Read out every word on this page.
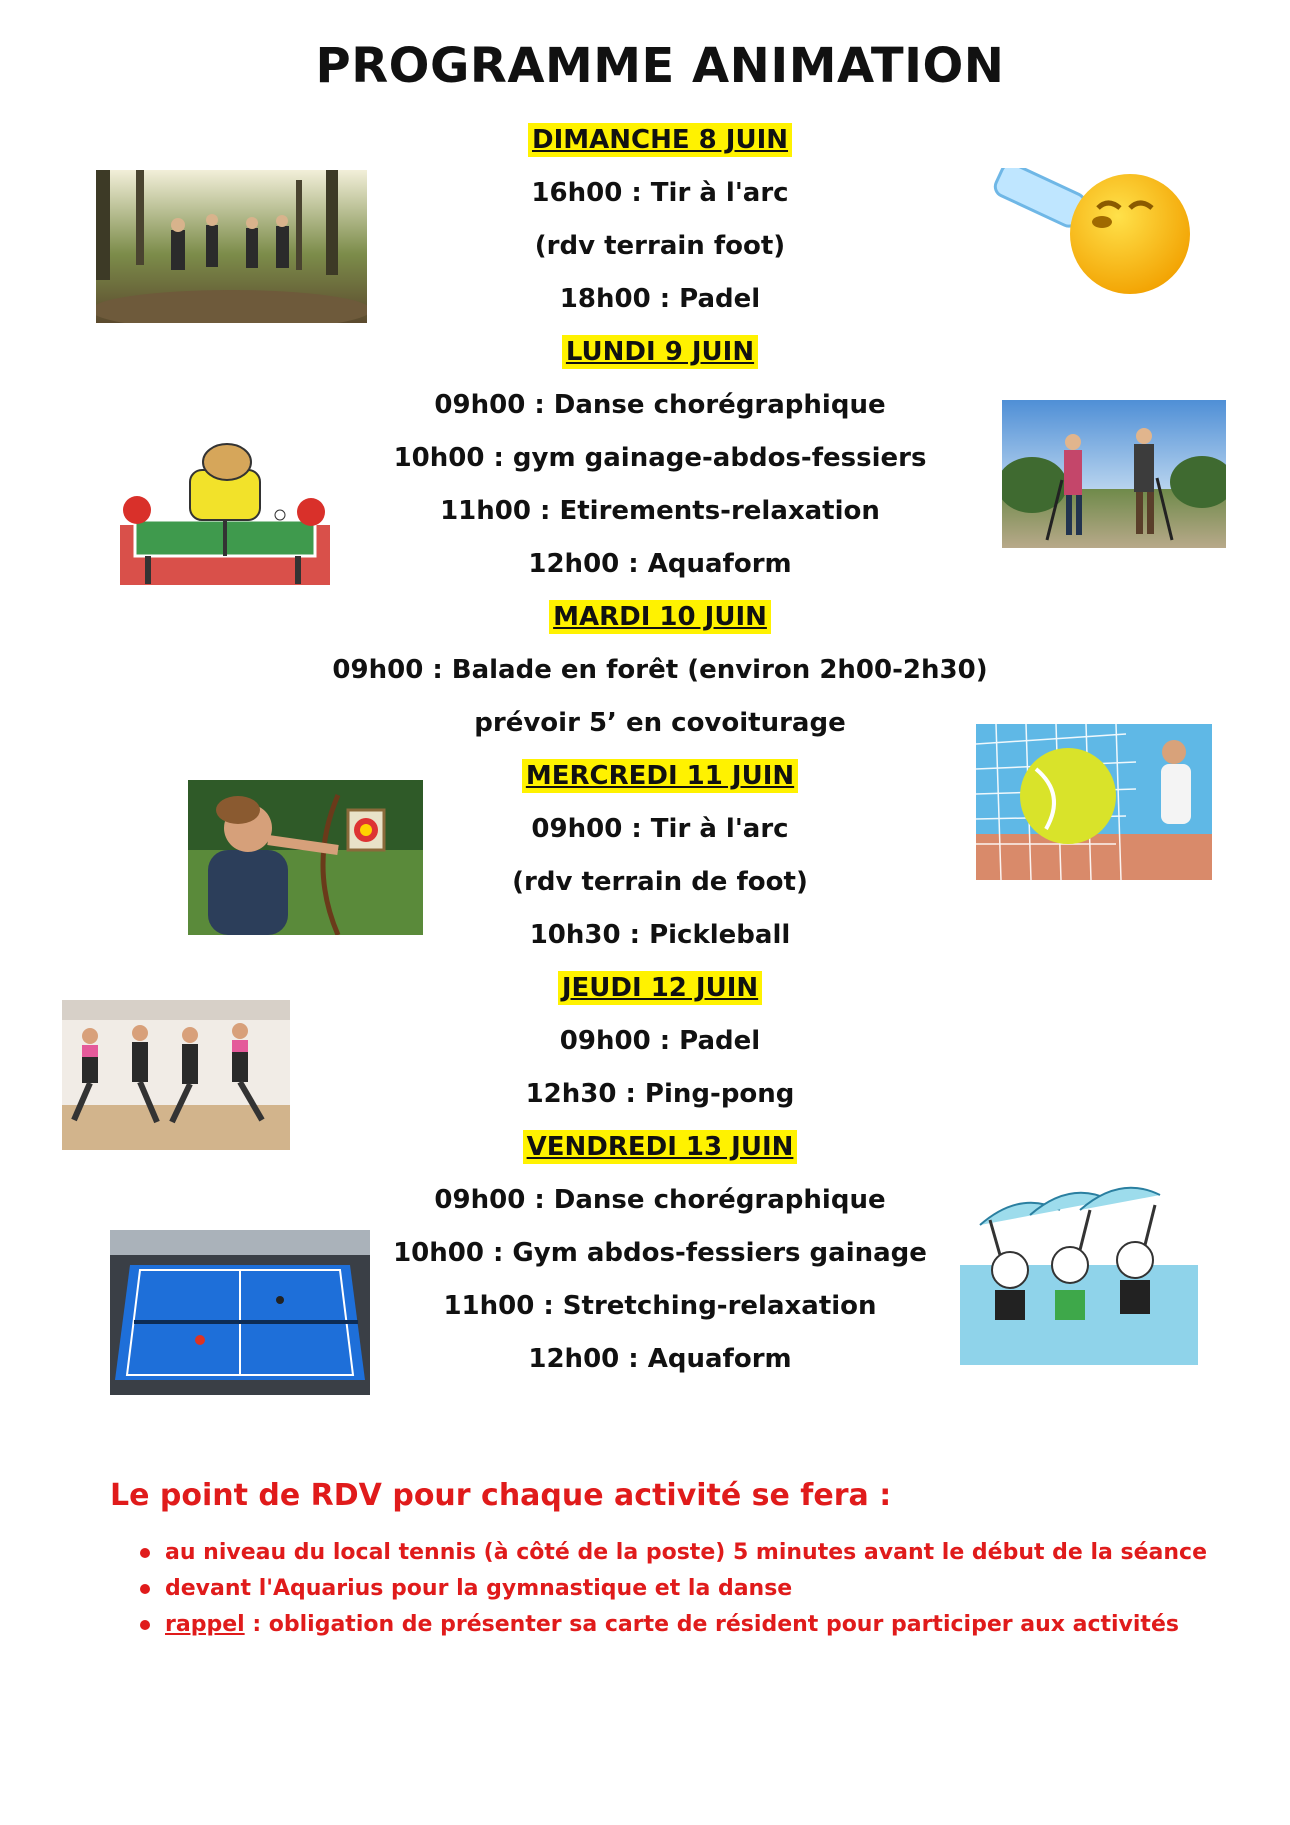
PROGRAMME ANIMATION
DIMANCHE 8 JUIN
16h00 : Tir à l'arc
(rdv terrain foot)
18h00 : Padel
LUNDI 9 JUIN
09h00 : Danse chorégraphique
10h00 : gym gainage-abdos-fessiers
11h00 : Etirements-relaxation
12h00 : Aquaform
MARDI 10 JUIN
09h00 : Balade en forêt (environ 2h00-2h30)
prévoir 5’ en covoiturage
MERCREDI 11 JUIN
09h00 : Tir à l'arc
(rdv terrain de foot)
10h30 : Pickleball
JEUDI 12 JUIN
09h00 : Padel
12h30 : Ping-pong
VENDREDI 13 JUIN
09h00 : Danse chorégraphique
10h00 : Gym abdos-fessiers gainage
11h00 : Stretching-relaxation
12h00 : Aquaform
Le point de RDV pour chaque activité se fera :
au niveau du local tennis (à côté de la poste) 5 minutes avant le début de la séance
devant l'Aquarius pour la gymnastique et la danse
rappel : obligation de présenter sa carte de résident pour participer aux activités
